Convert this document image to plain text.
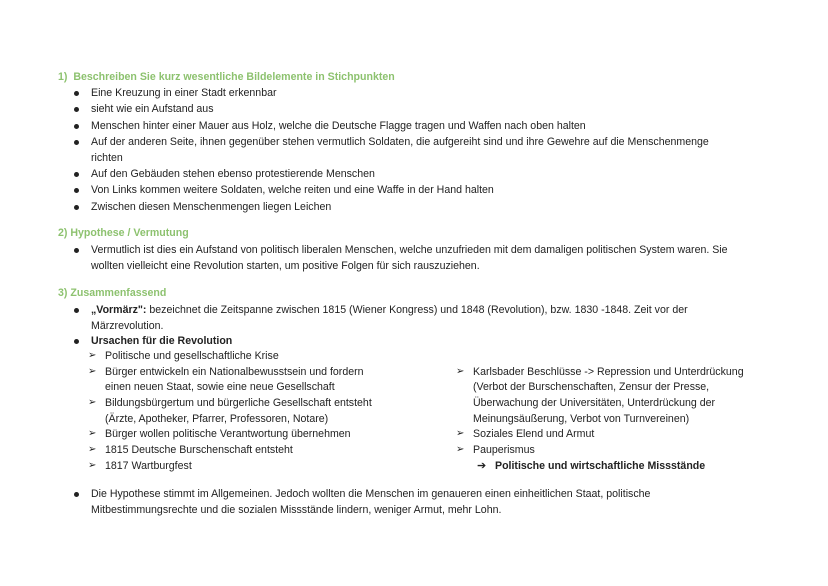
1) Beschreiben Sie kurz wesentliche Bildelemente in Stichpunkten
Eine Kreuzung in einer Stadt erkennbar
sieht wie ein Aufstand aus
Menschen hinter einer Mauer aus Holz, welche die Deutsche Flagge tragen und Waffen nach oben halten
Auf der anderen Seite, ihnen gegenüber stehen vermutlich Soldaten, die aufgereiht sind und ihre Gewehre auf die Menschenmenge
richten
Auf den Gebäuden stehen ebenso protestierende Menschen
Von Links kommen weitere Soldaten, welche reiten und eine Waffe in der Hand halten
Zwischen diesen Menschenmengen liegen Leichen
2) Hypothese / Vermutung
Vermutlich ist dies ein Aufstand von politisch liberalen Menschen, welche unzufrieden mit dem damaligen politischen System waren. Sie
wollten vielleicht eine Revolution starten, um positive Folgen für sich rauszuziehen.
3) Zusammenfassend
„Vormärz": bezeichnet die Zeitspanne zwischen 1815 (Wiener Kongress) und 1848 (Revolution), bzw. 1830 -1848. Zeit vor der
Märzrevolution.
Ursachen für die Revolution
➢ Politische und gesellschaftliche Krise
➢ Bürger entwickeln ein Nationalbewusstsein und fordern
einen neuen Staat, sowie eine neue Gesellschaft
➢ Bildungsbürgertum und bürgerliche Gesellschaft entsteht
(Ärzte, Apotheker, Pfarrer, Professoren, Notare)
➢ Bürger wollen politische Verantwortung übernehmen
➢ 1815 Deutsche Burschenschaft entsteht
➢ 1817 Wartburgfest
➢ Karlsbader Beschlüsse -> Repression und Unterdrückung
(Verbot der Burschenschaften, Zensur der Presse,
Überwachung der Universitäten, Unterdrückung der
Meinungsäußerung, Verbot von Turnvereinen)
➢ Soziales Elend und Armut
➢ Pauperismus
➔ Politische und wirtschaftliche Missstände
Die Hypothese stimmt im Allgemeinen. Jedoch wollten die Menschen im genaueren einen einheitlichen Staat, politische
Mitbestimmungsrechte und die sozialen Missstände lindern, weniger Armut, mehr Lohn.
